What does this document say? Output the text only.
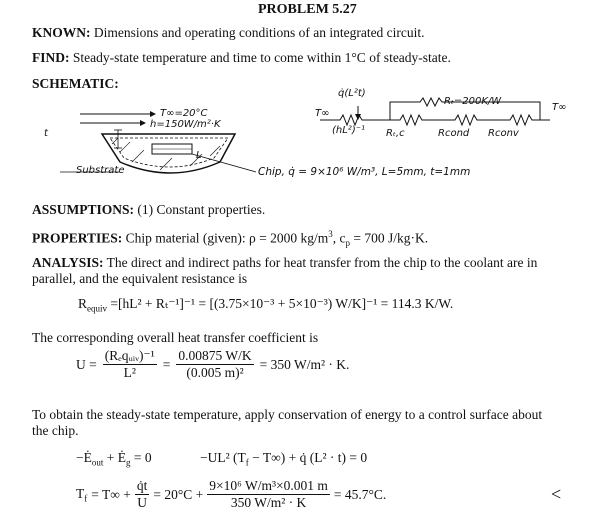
PROBLEM 5.27
KNOWN: Dimensions and operating conditions of an integrated circuit.
FIND: Steady-state temperature and time to come within 1°C of steady-state.
SCHEMATIC:
T∞=20°C
h=150W/m²·K
t
Substrate
L
Chip, q̇ = 9×10⁶ W/m³, L=5mm, t=1mm
q̇(L²t)
T∞
(hL²)⁻¹ Rₜ,c
Rₜ=200K/W
Rcond Rconv
T∞
ASSUMPTIONS: (1) Constant properties.
PROPERTIES: Chip material (given): ρ = 2000 $kg/m^3$, $c_p = 700$ J/kg·K.
ANALYSIS: The direct and indirect paths for heat transfer from the chip to the coolant are in
parallel, and the equivalent resistance is
$R_{equiv} =[hL^2 + R_t^{-1}]^{-1} = [(3.75\times 10^{-3} + 5\times 10^{-3}) W/K]^{-1} = 114.3$ K/W.
The corresponding overall heat transfer coefficient is
$U = \frac{\text{(Rₑqᵤᵢᵥ)⁻¹}}{\text{L²}} = \frac{0.00875 W/K}{\text{(0.005 m)²}} = 350$ W/m² · K.
To obtain the steady-state temperature, apply conservation of energy to a control surface about
the chip.
$-Ė_{out}$ + $Ė_g = 0$	−UL² $(T_f - T\infty)$ + q̇ (L² · t) = 0
$T_f = T\infty + \frac{q̇t}{U} = 20^\circ C + \frac{\text{9×10⁶ W/m³×0.001 m}}{\text{350 W/m² · K}} = 45.7^\circ C$.	<
